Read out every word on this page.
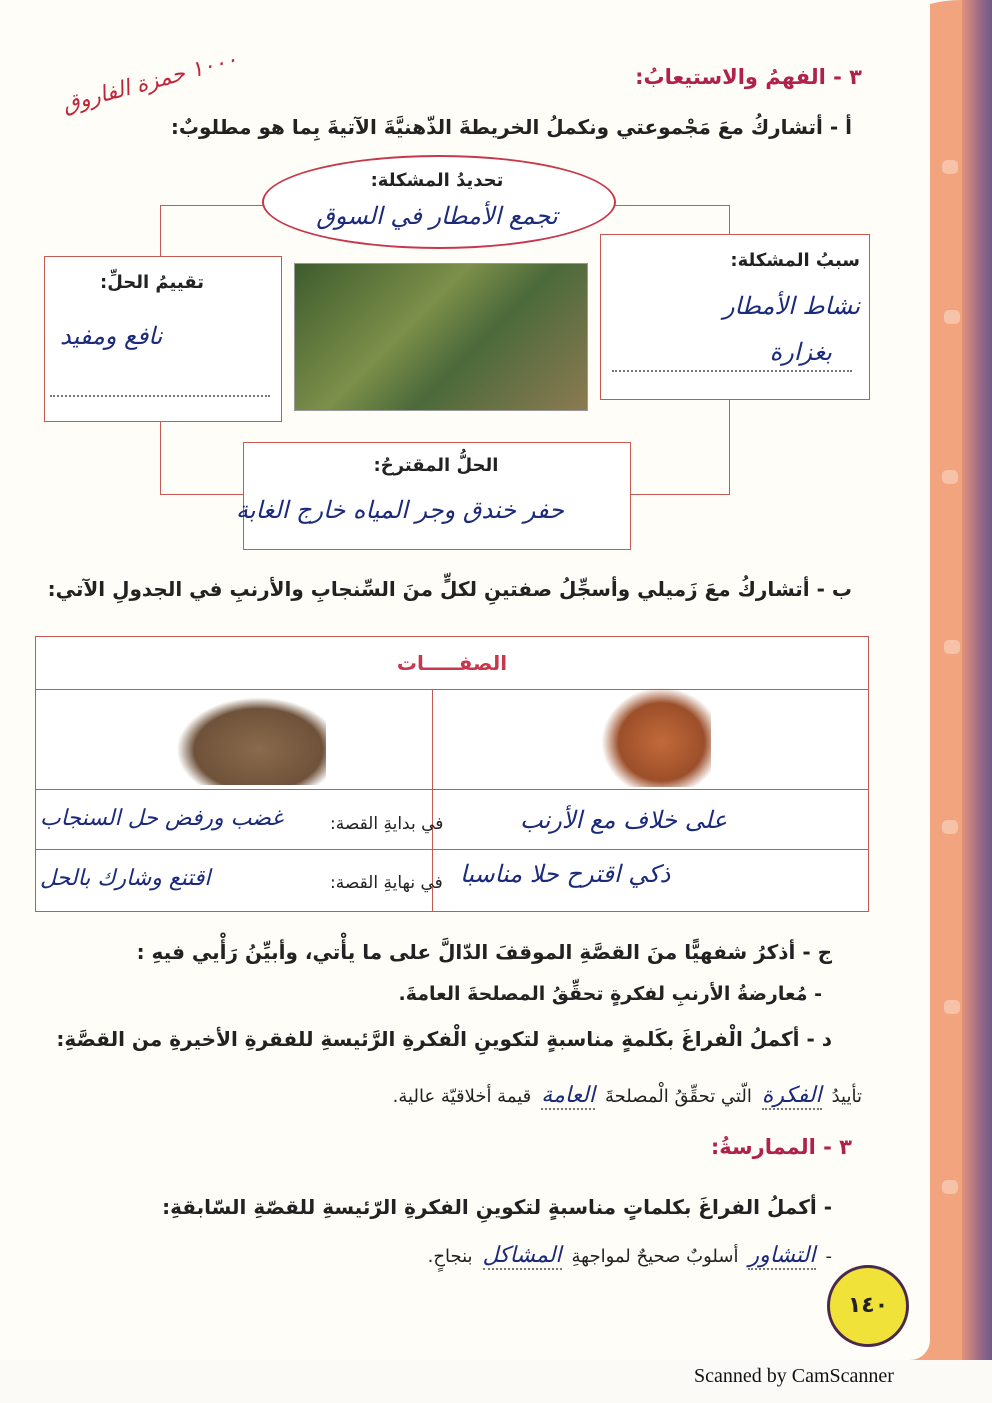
٣ - الفهمُ والاستيعابُ:
١٠٠٠ حمزة الفاروق
أ - أتشاركُ معَ مَجْموعتي ونكملُ الخريطةَ الذّهنيَّةَ الآتيةَ بِما هو مطلوبٌ:
تحديدُ المشكلة:
تجمع الأمطار في السوق
سببُ المشكلة:
نشاط الأمطار
بغزارة
تقييمُ الحلِّ:
نافع ومفيد
الحلُّ المقترحُ:
حفر خندق وجر المياه خارج الغابة
ب - أتشاركُ معَ زَميلي وأسجِّلُ صفتينِ لكلٍّ منَ السِّنجابِ والأرنبِ في الجدولِ الآتي:
الصفـــــات
في بدايةِ القصة:
غضب ورفض حل السنجاب	على خلاف مع الأرنب
في نهايةِ القصة:
اقتنع وشارك بالحل	ذكي اقترح حلا مناسبا
ج - أذكرُ شفهيًّا منَ القصَّةِ الموقفَ الدّالَّ على ما يأْتي، وأبيِّنُ رَأْيي فيهِ :
- مُعارضةُ الأرنبِ لفكرةٍ تحقِّقُ المصلحةَ العامةَ.
د - أكملُ الْفراغَ بكَلمةٍ مناسبةٍ لتكوينِ الْفكرةِ الرَّئيسةِ للفقرةِ الأخيرةِ من القصَّةِ:
تأييدُ
الفكرة
الّتي تحقِّقُ الْمصلحةَ
العامة
قيمة أخلاقيّة عالية.
٣ - الممارسةُ:
- أكملُ الفراغَ بكلماتٍ مناسبةٍ لتكوينِ الفكرةِ الرّئيسةِ للقصّةِ السّابقةِ:
-
التشاور
أسلوبٌ صحيحٌ لمواجهةِ
المشاكل
بنجاحٍ.
١٤٠
Scanned by CamScanner
